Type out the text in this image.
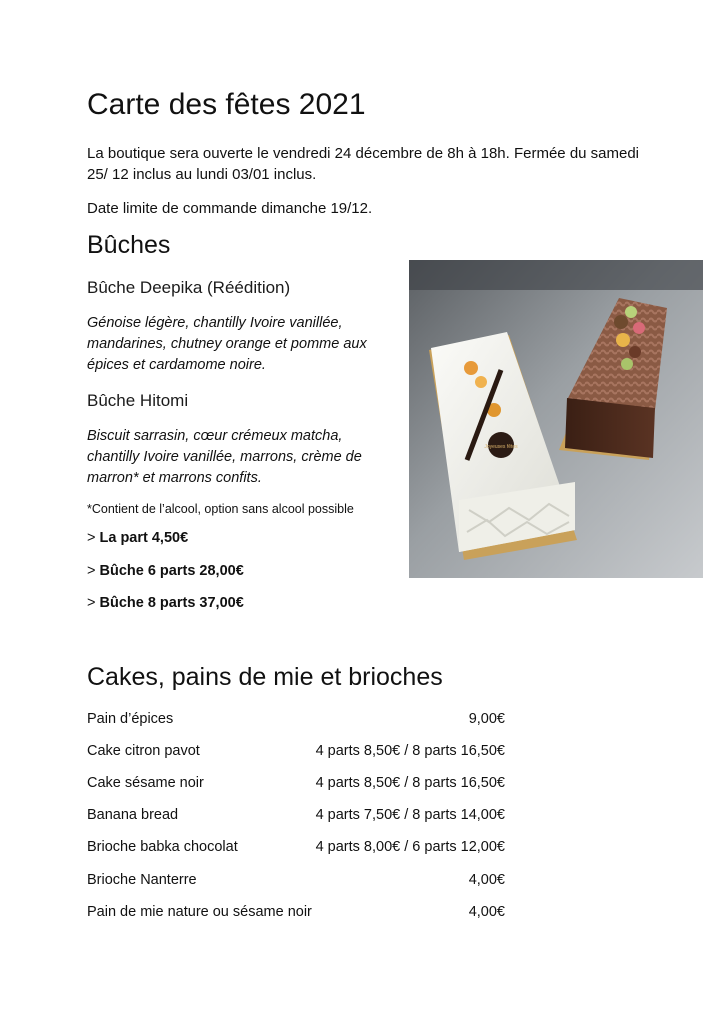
Carte des fêtes 2021

La boutique sera ouverte le vendredi 24 décembre de 8h à 18h. Fermée du samedi 25/ 12 inclus au lundi 03/01 inclus.

Date limite de commande dimanche 19/12.

Bûches

Bûche Deepika (Réédition)

Génoise légère, chantilly Ivoire vanillée, mandarines, chutney orange et pomme aux épices et cardamome noire.

Bûche Hitomi

Biscuit sarrasin, cœur crémeux matcha, chantilly Ivoire vanillée, marrons, crème de marron* et marrons confits.

*Contient de l’alcool, option sans alcool possible

> La part 4,50€

> Bûche 6 parts 28,00€

> Bûche 8 parts 37,00€

Joyeuses fêtes
Cakes, pains de mie et brioches
Pain d’épices	9,00€
Cake citron pavot	4 parts 8,50€ / 8 parts 16,50€
Cake sésame noir	4 parts 8,50€ / 8 parts 16,50€
Banana bread	4 parts 7,50€ / 8 parts 14,00€
Brioche babka chocolat	4 parts 8,00€ / 6 parts 12,00€
Brioche Nanterre	4,00€
Pain de mie nature ou sésame noir	4,00€
